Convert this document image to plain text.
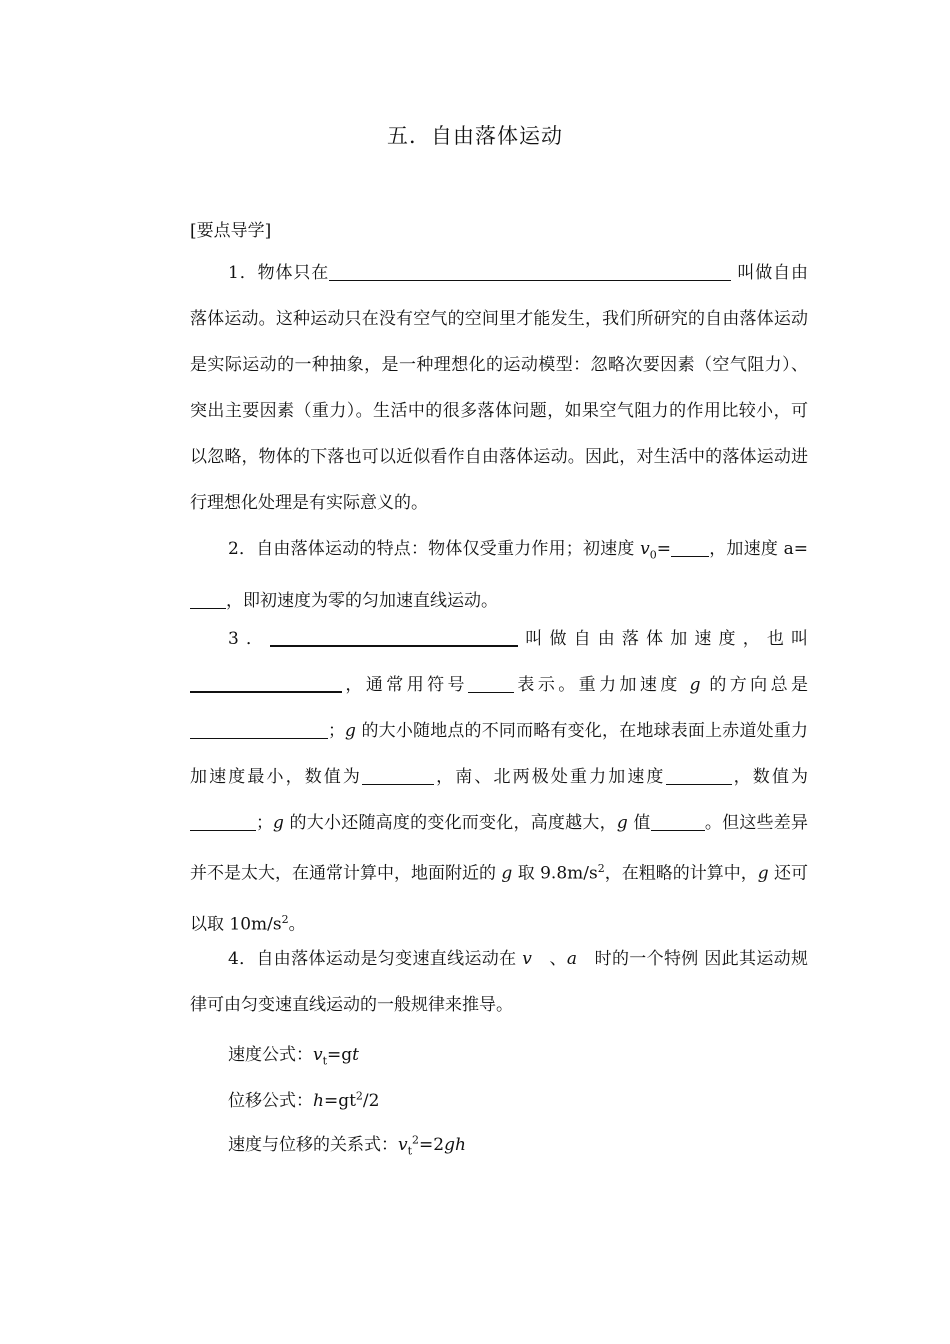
五．自由落体运动
[要点导学]
1．物体只在	叫做自由落体运动。这种运动只在没有空气的空间里才能发生，我们所研究的自由落体运动是实际运动的一种抽象，是一种理想化的运动模型：忽略次要因素（空气阻力）、突出主要因素（重力）。生活中的很多落体问题，如果空气阻力的作用比较小，可以忽略，物体的下落也可以近似看作自由落体运动。因此，对生活中的落体运动进行理想化处理是有实际意义的。
2．自由落体运动的特点：物体仅受重力作用；初速度 $v_0=$ ，加速度 a=，即初速度为零的匀加速直线运动。
3．	叫做自由落体加速度，也叫，通常用符号	表示。重力加速度 g 的方向总是；g 的大小随地点的不同而略有变化，在地球表面上赤道处重力加速度最小，数值为	，南、北两极处重力加速度	，数值为；g 的大小还随高度的变化而变化，高度越大，g 值	。但这些差异并不是太大，在通常计算中，地面附近的 g 取 $9.8m/s^2$，在粗略的计算中，g 还可以取 $10m/s^2$。
4．自由落体运动是匀变速直线运动在 v　、a　时的一个特例 因此其运动规律可由匀变速直线运动的一般规律来推导。
速度公式：$v_t=gt$
位移公式：$h=gt^2/2$
速度与位移的关系式：$v_t^2=2gh$
